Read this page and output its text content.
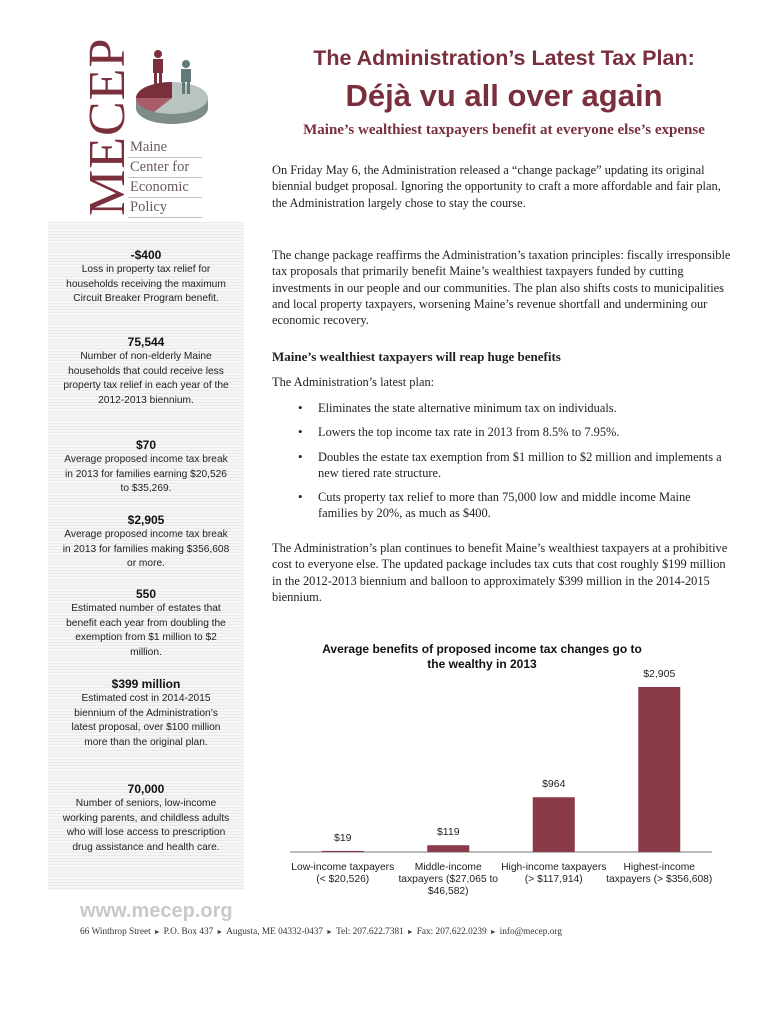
MECEP
Maine
Center for
Economic
Policy
The Administration’s Latest Tax Plan:
Déjà vu all over again
Maine’s wealthiest taxpayers benefit at everyone else’s expense
-$400
Loss in property tax relief for households receiving the maximum Circuit Breaker Program benefit.
75,544
Number of non-elderly Maine households that could receive less property tax relief in each year of the 2012-2013 biennium.
$70
Average proposed income tax break in 2013 for families earning $20,526 to $35,269.
$2,905
Average proposed income tax break in 2013 for families making $356,608 or more.
550
Estimated number of estates that benefit each year from doubling the exemption from $1 million to $2 million.
$399 million
Estimated cost in 2014-2015 biennium of the Administration’s latest proposal, over $100 million more than the original plan.
70,000
Number of seniors, low-income working parents, and childless adults who will lose access to prescription drug assistance and health care.

On Friday May 6, the Administration released a “change package” updating its original biennial budget proposal. Ignoring the opportunity to craft a more affordable and fair plan, the Administration largely chose to stay the course.

The change package reaffirms the Administration’s taxation principles: fiscally irresponsible tax proposals that primarily benefit Maine’s wealthiest taxpayers funded by cutting investments in our people and our communities. The plan also shifts costs to municipalities and local property taxpayers, worsening Maine’s revenue shortfall and undermining our economic recovery.

Maine’s wealthiest taxpayers will reap huge benefits

The Administration’s latest plan:

• Eliminates the state alternative minimum tax on individuals.
• Lowers the top income tax rate in 2013 from 8.5% to 7.95%.
• Doubles the estate tax exemption from $1 million to $2 million and implements a new tiered rate structure.
• Cuts property tax relief to more than 75,000 low and middle income Maine families by 20%, as much as $400.

The Administration’s plan continues to benefit Maine’s wealthiest taxpayers at a prohibitive cost to everyone else. The updated package includes tax cuts that cost roughly $199 million in the 2012-2013 biennium and balloon to approximately $399 million in the 2014-2015 biennium.

Average benefits of proposed income tax changes go to the wealthy in 2013
$19
Low-income taxpayers (< $20,526)
$119
Middle-income taxpayers ($27,065 to $46,582)
$964
High-income taxpayers (> $117,914)
$2,905
Highest-income taxpayers (> $356,608)
www.mecep.org
66 Winthrop Street ► P.O. Box 437 ► Augusta, ME 04332-0437 ► Tel: 207.622.7381 ► Fax: 207.622.0239 ► info@mecep.org
